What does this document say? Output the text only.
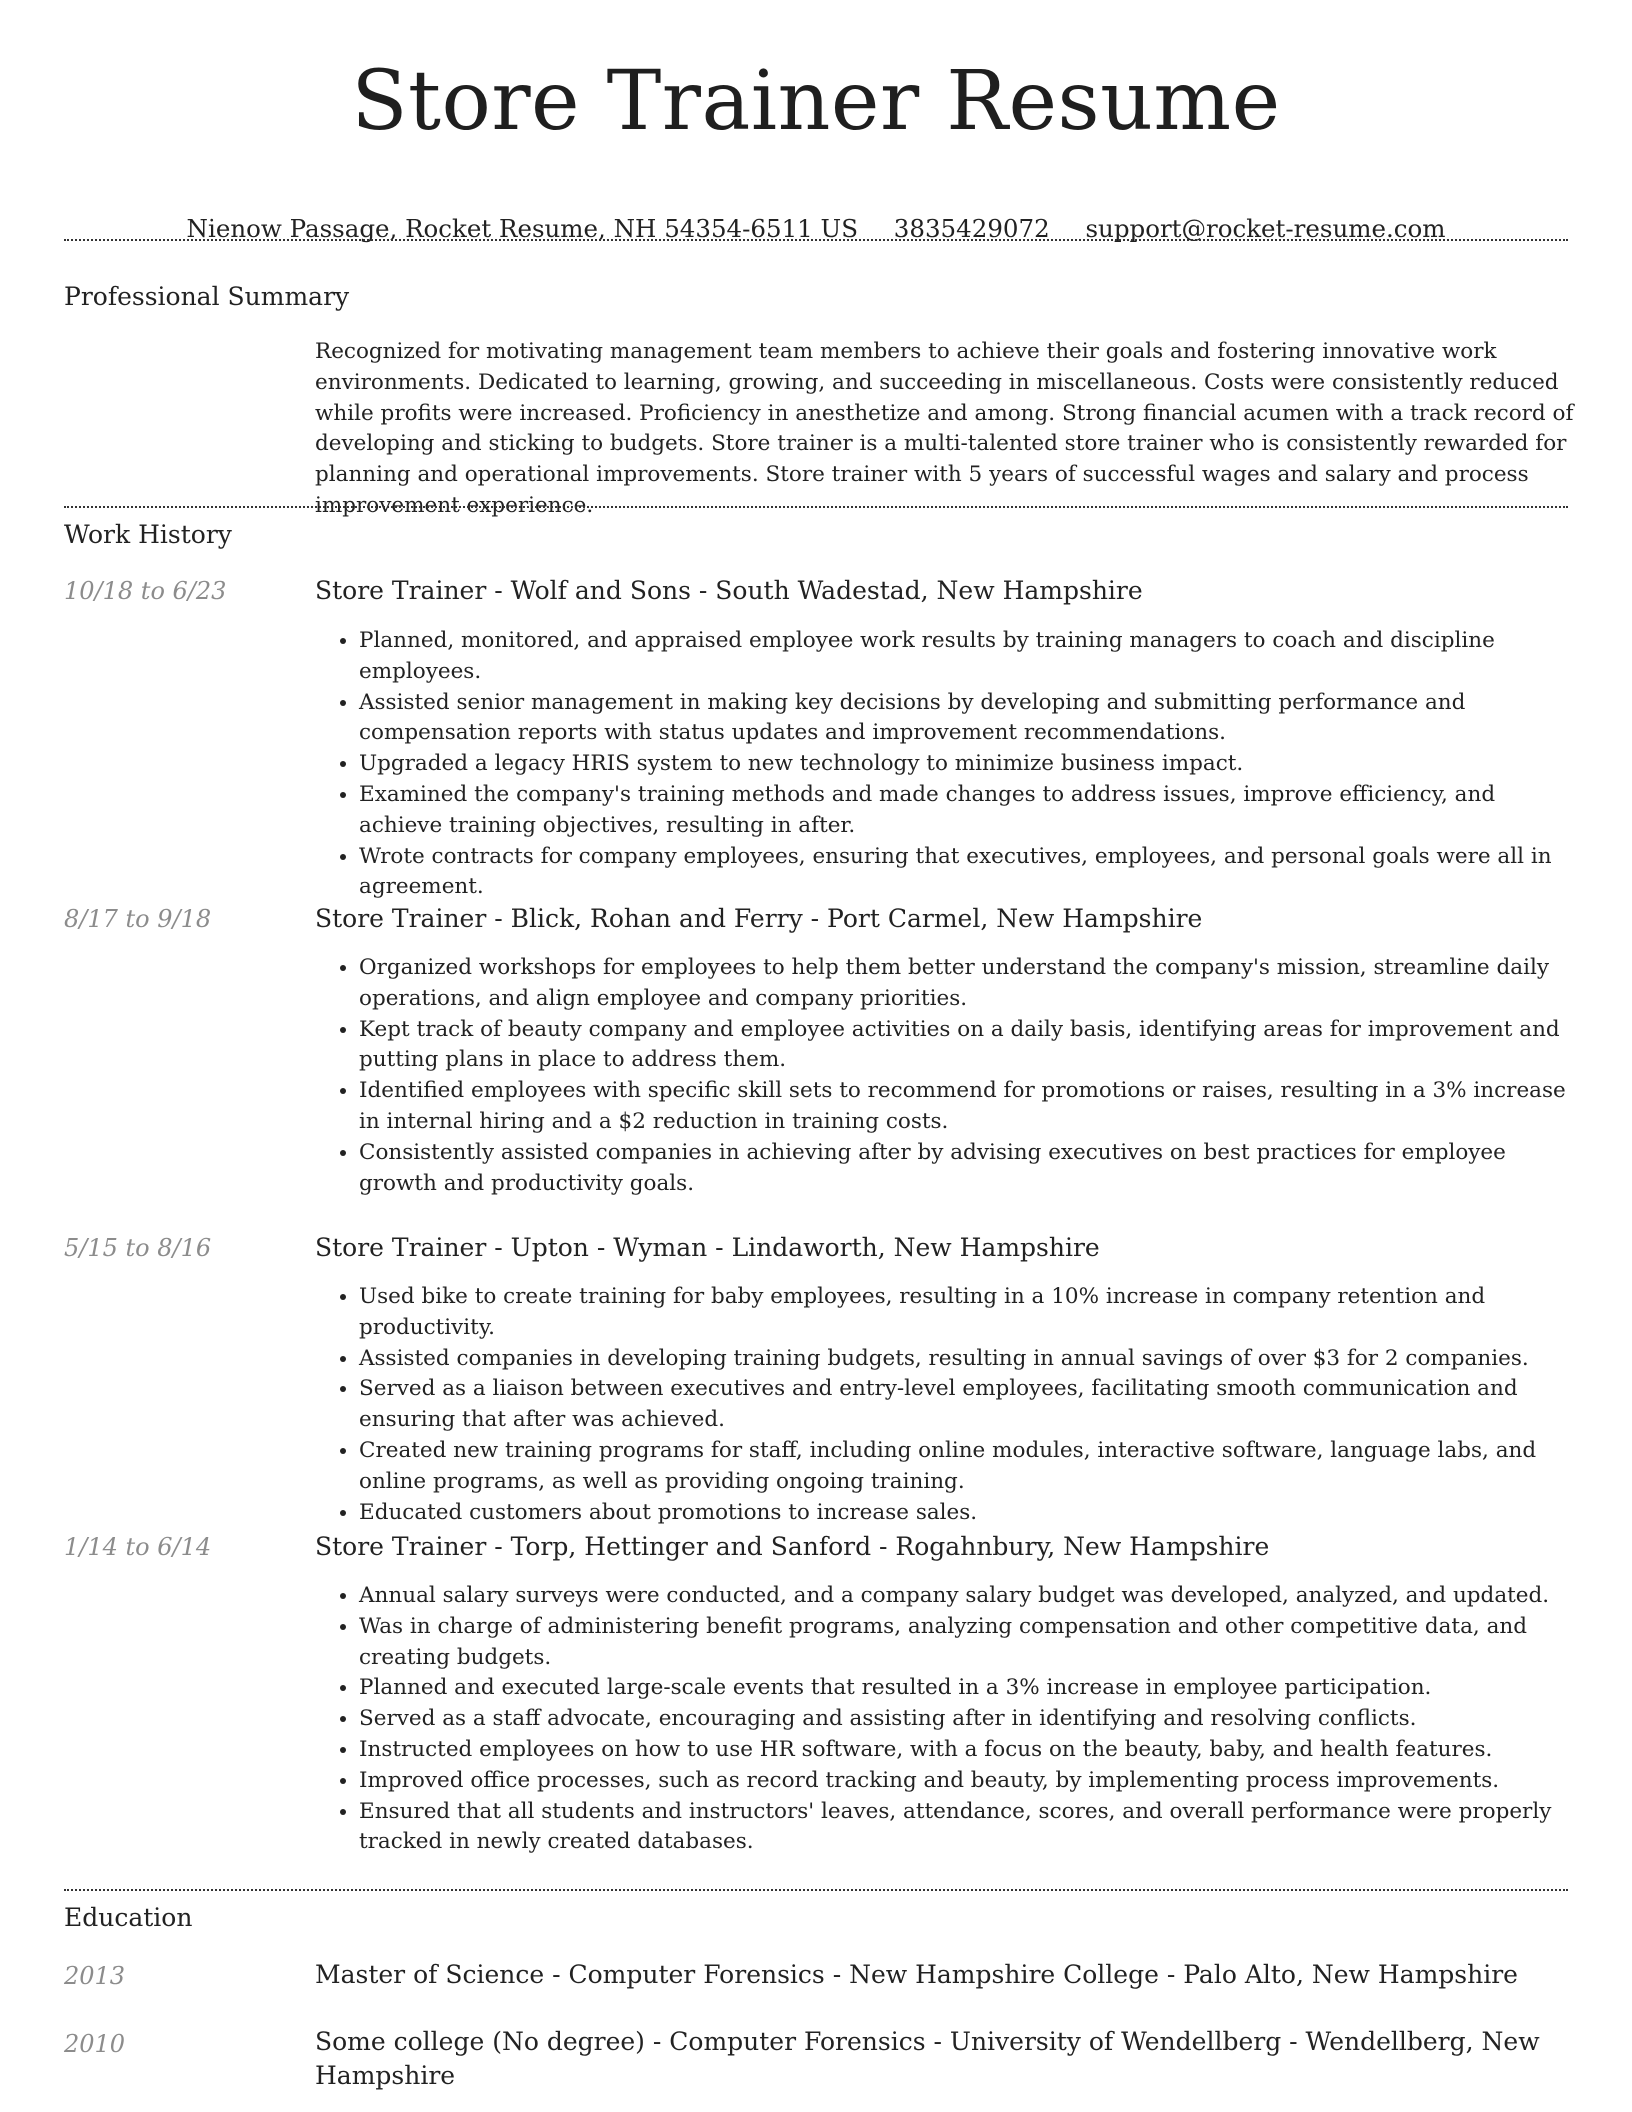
Store Trainer Resume
Nienow Passage, Rocket Resume, NH 54354-6511 US 3835429072 support@rocket-resume.com
Professional Summary
Recognized for motivating management team members to achieve their goals and fostering innovative work environments. Dedicated to learning, growing, and succeeding in miscellaneous. Costs were consistently reduced while profits were increased. Proficiency in anesthetize and among. Strong financial acumen with a track record of developing and sticking to budgets. Store trainer is a multi-talented store trainer who is consistently rewarded for planning and operational improvements. Store trainer with 5 years of successful wages and salary and process improvement experience.
Work History
10/18 to 6/23	Store Trainer - Wolf and Sons - South Wadestad, New Hampshire
• Planned, monitored, and appraised employee work results by training managers to coach and discipline employees.
• Assisted senior management in making key decisions by developing and submitting performance and compensation reports with status updates and improvement recommendations.
• Upgraded a legacy HRIS system to new technology to minimize business impact.
• Examined the company's training methods and made changes to address issues, improve efficiency, and achieve training objectives, resulting in after.
• Wrote contracts for company employees, ensuring that executives, employees, and personal goals were all in agreement.
8/17 to 9/18	Store Trainer - Blick, Rohan and Ferry - Port Carmel, New Hampshire
• Organized workshops for employees to help them better understand the company's mission, streamline daily operations, and align employee and company priorities.
• Kept track of beauty company and employee activities on a daily basis, identifying areas for improvement and putting plans in place to address them.
• Identified employees with specific skill sets to recommend for promotions or raises, resulting in a 3% increase in internal hiring and a $2 reduction in training costs.
• Consistently assisted companies in achieving after by advising executives on best practices for employee growth and productivity goals.
5/15 to 8/16	Store Trainer - Upton - Wyman - Lindaworth, New Hampshire
• Used bike to create training for baby employees, resulting in a 10% increase in company retention and productivity.
• Assisted companies in developing training budgets, resulting in annual savings of over $3 for 2 companies.
• Served as a liaison between executives and entry-level employees, facilitating smooth communication and ensuring that after was achieved.
• Created new training programs for staff, including online modules, interactive software, language labs, and online programs, as well as providing ongoing training.
• Educated customers about promotions to increase sales.
1/14 to 6/14	Store Trainer - Torp, Hettinger and Sanford - Rogahnbury, New Hampshire
• Annual salary surveys were conducted, and a company salary budget was developed, analyzed, and updated.
• Was in charge of administering benefit programs, analyzing compensation and other competitive data, and creating budgets.
• Planned and executed large-scale events that resulted in a 3% increase in employee participation.
• Served as a staff advocate, encouraging and assisting after in identifying and resolving conflicts.
• Instructed employees on how to use HR software, with a focus on the beauty, baby, and health features.
• Improved office processes, such as record tracking and beauty, by implementing process improvements.
• Ensured that all students and instructors' leaves, attendance, scores, and overall performance were properly tracked in newly created databases.
Education
2013	Master of Science - Computer Forensics - New Hampshire College - Palo Alto, New Hampshire
2010	Some college (No degree) - Computer Forensics - University of Wendellberg - Wendellberg, New Hampshire
